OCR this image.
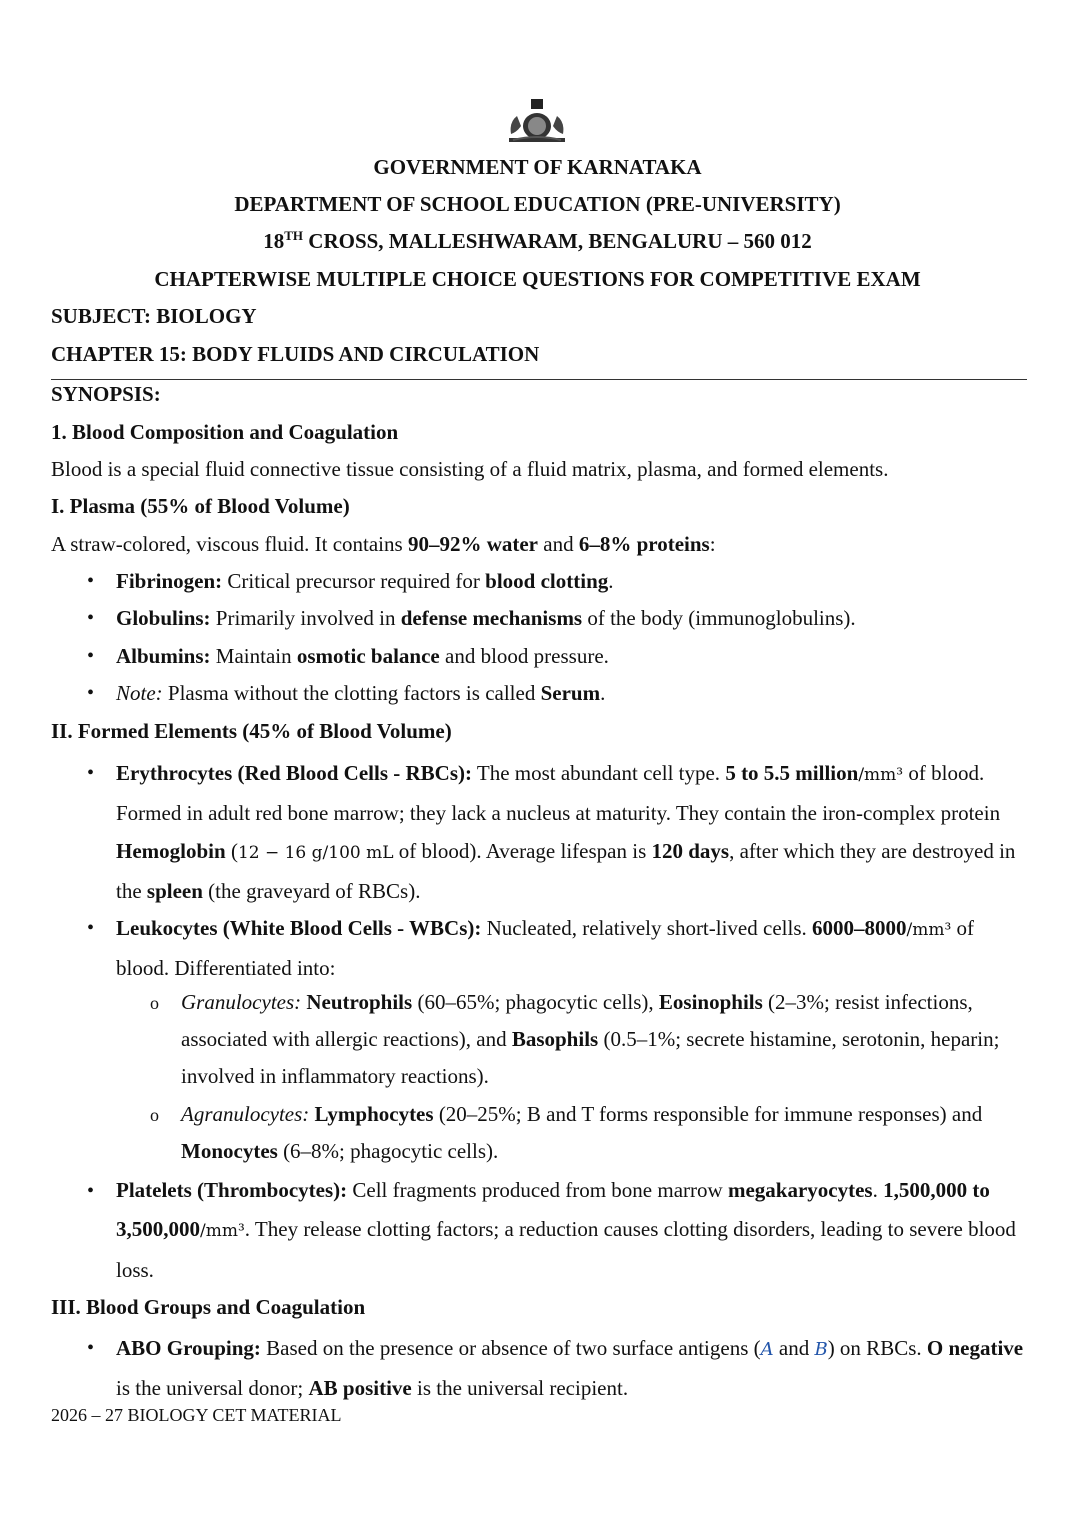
GOVERNMENT OF KARNATAKA
DEPARTMENT OF SCHOOL EDUCATION (PRE-UNIVERSITY)
18TH CROSS, MALLESHWARAM, BENGALURU – 560 012
CHAPTERWISE MULTIPLE CHOICE QUESTIONS FOR COMPETITIVE EXAM
SUBJECT: BIOLOGY
CHAPTER 15: BODY FLUIDS AND CIRCULATION
SYNOPSIS:
1. Blood Composition and Coagulation
Blood is a special fluid connective tissue consisting of a fluid matrix, plasma, and formed elements.
I. Plasma (55% of Blood Volume)
A straw-colored, viscous fluid. It contains 90–92% water and 6–8% proteins:
• Fibrinogen: Critical precursor required for blood clotting.
• Globulins: Primarily involved in defense mechanisms of the body (immunoglobulins).
• Albumins: Maintain osmotic balance and blood pressure.
• Note: Plasma without the clotting factors is called Serum.
II. Formed Elements (45% of Blood Volume)
• Erythrocytes (Red Blood Cells - RBCs): The most abundant cell type. 5 to 5.5 million/mm³ of blood. Formed in adult red bone marrow; they lack a nucleus at maturity. They contain the iron-complex protein Hemoglobin (12 − 16 g/100 mL of blood). Average lifespan is 120 days, after which they are destroyed in the spleen (the graveyard of RBCs).
• Leukocytes (White Blood Cells - WBCs): Nucleated, relatively short-lived cells. 6000–8000/mm³ of blood. Differentiated into:
o Granulocytes: Neutrophils (60–65%; phagocytic cells), Eosinophils (2–3%; resist infections, associated with allergic reactions), and Basophils (0.5–1%; secrete histamine, serotonin, heparin; involved in inflammatory reactions).
o Agranulocytes: Lymphocytes (20–25%; B and T forms responsible for immune responses) and Monocytes (6–8%; phagocytic cells).
• Platelets (Thrombocytes): Cell fragments produced from bone marrow megakaryocytes. 1,500,000 to 3,500,000/mm³. They release clotting factors; a reduction causes clotting disorders, leading to severe blood loss.
III. Blood Groups and Coagulation
• ABO Grouping: Based on the presence or absence of two surface antigens (A and B) on RBCs. O negative is the universal donor; AB positive is the universal recipient.
2026 – 27 BIOLOGY CET MATERIAL
